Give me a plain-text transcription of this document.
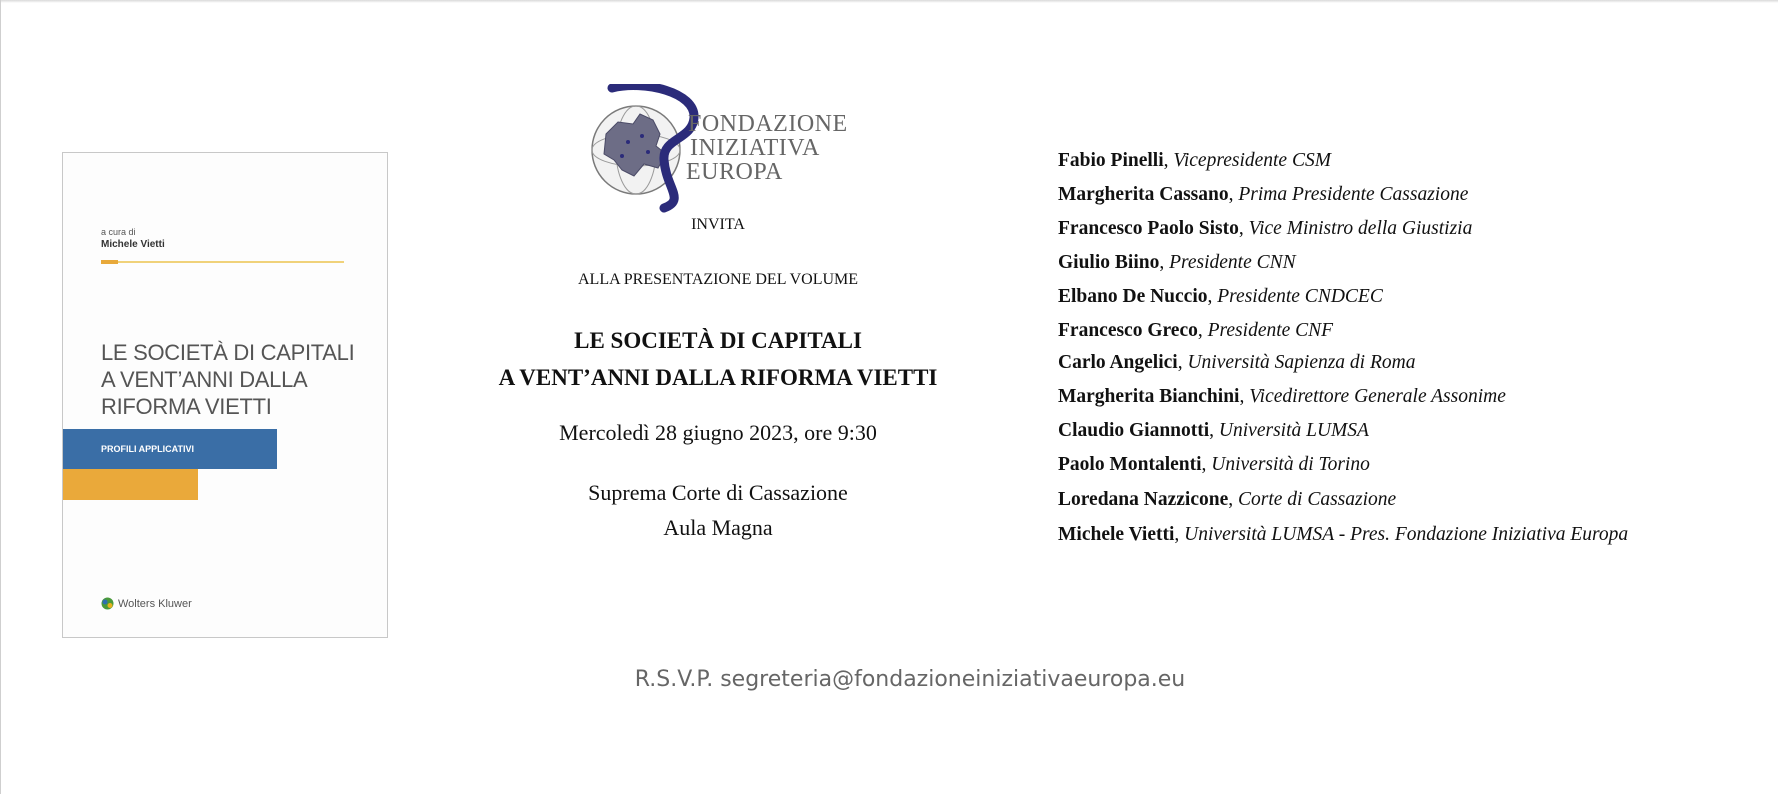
a cura di
Michele Vietti
LE SOCIETÀ DI CAPITALI
A VENT’ANNI DALLA
RIFORMA VIETTI
PROFILI APPLICATIVI
Wolters Kluwer
FONDAZIONE
INIZIATIVA
EUROPA
INVITA
ALLA PRESENTAZIONE DEL VOLUME
LE SOCIETÀ DI CAPITALI
A VENT’ANNI DALLA RIFORMA VIETTI
Mercoledì 28 giugno 2023, ore 9:30
Suprema Corte di Cassazione
Aula Magna
Fabio Pinelli, Vicepresidente CSM
Margherita Cassano, Prima Presidente Cassazione
Francesco Paolo Sisto, Vice Ministro della Giustizia
Giulio Biino, Presidente CNN
Elbano De Nuccio, Presidente CNDCEC
Francesco Greco, Presidente CNF
Carlo Angelici, Università Sapienza di Roma
Margherita Bianchini, Vicedirettore Generale Assonime
Claudio Giannotti, Università LUMSA
Paolo Montalenti, Università di Torino
Loredana Nazzicone, Corte di Cassazione
Michele Vietti, Università LUMSA - Pres. Fondazione Iniziativa Europa
R.S.V.P. segreteria@fondazioneiniziativaeuropa.eu
